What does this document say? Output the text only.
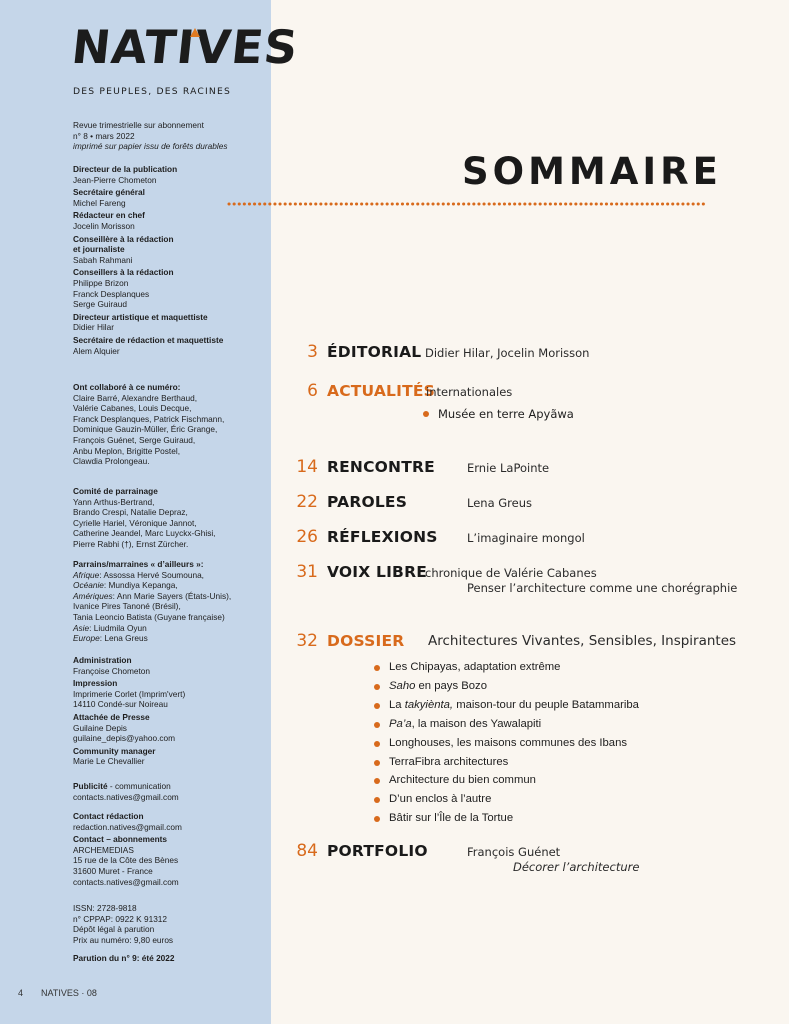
NATIVES
DES PEUPLES, DES RACINES
Revue trimestrielle sur abonnement
n° 8 • mars 2022
imprimé sur papier issu de forêts durables
Directeur de la publication
Jean-Pierre Chometon
Secrétaire général
Michel Fareng
Rédacteur en chef
Jocelin Morisson
Conseillère à la rédaction
et journaliste
Sabah Rahmani
Conseillers à la rédaction
Philippe Brizon
Franck Desplanques
Serge Guiraud
Directeur artistique et maquettiste
Didier Hilar
Secrétaire de rédaction et maquettiste
Alem Alquier
Ont collaboré à ce numéro:
Claire Barré, Alexandre Berthaud,
Valérie Cabanes, Louis Decque,
Franck Desplanques, Patrick Fischmann,
Dominique Gauzin-Müller, Éric Grange,
François Guénet, Serge Guiraud,
Anbu Meplon, Brigitte Postel,
Clawdia Prolongeau.
Comité de parrainage
Yann Arthus-Bertrand,
Brando Crespi, Natalie Depraz,
Cyrielle Hariel, Véronique Jannot,
Catherine Jeandel, Marc Luyckx-Ghisi,
Pierre Rabhi (†), Ernst Zürcher.
Parrains/marraines « d’ailleurs »:
Afrique: Assossa Hervé Soumouna,
Océanie: Mundiya Kepanga,
Amériques: Ann Marie Sayers (États-Unis),
Ivanice Pires Tanoné (Brésil),
Tania Leoncio Batista (Guyane française)
Asie: Liudmila Oyun
Europe: Lena Greus
Administration
Françoise Chometon
Impression
Imprimerie Corlet (Imprim'vert)
14110 Condé-sur Noireau
Attachée de Presse
Guilaine Depis
guilaine_depis@yahoo.com
Community manager
Marie Le Chevallier
Publicité - communication
contacts.natives@gmail.com
Contact rédaction
redaction.natives@gmail.com
Contact – abonnements
ARCHEMEDIAS
15 rue de la Côte des Bènes
31600 Muret - France
contacts.natives@gmail.com
ISSN: 2728-9818
n° CPPAP: 0922 K 91312
Dépôt légal à parution
Prix au numéro: 9,80 euros
Parution du n° 9: été 2022
4 NATIVES · 08
SOMMAIRE
3 ÉDITORIAL Didier Hilar, Jocelin Morisson
6 ACTUALITÉS
internationales
Musée en terre Apyãwa
14 RENCONTRE	Ernie LaPointe
22 PAROLES	Lena Greus
26 RÉFLEXIONS	L’imaginaire mongol
31 VOIX LIBRE
chronique de Valérie Cabanes
Penser l’architecture comme une chorégraphie
32 DOSSIER Architectures Vivantes, Sensibles, Inspirantes
Les Chipayas, adaptation extrême
Saho en pays Bozo
La takyiènta, maison-tour du peuple Batammariba
Pa’a, la maison des Yawalapiti
Longhouses, les maisons communes des Ibans
TerraFibra architectures
Architecture du bien commun
D’un enclos à l’autre
Bâtir sur l’Île de la Tortue
84 PORTFOLIO	François Guénet
Décorer l’architecture
